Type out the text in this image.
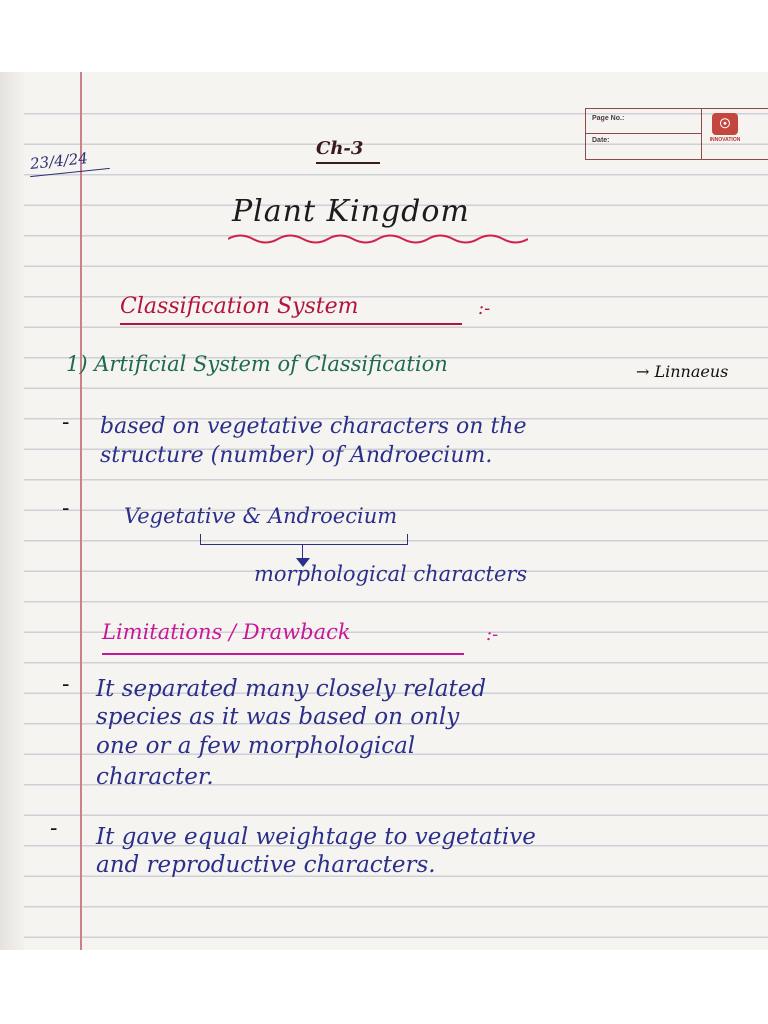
Page No.:
Date:
☉
INNOVATION
23/4/24
Ch-3
Plant Kingdom
Classification System	:-
1) Artificial System of Classification	→ Linnaeus
- based on vegetative characters on the
structure (number) of Androecium.
-	Vegetative & Androecium
morphological characters
Limitations / Drawback	:-
- It separated many closely related
species as it was based on only
one or a few morphological
character.
- It gave equal weightage to vegetative
and reproductive characters.
